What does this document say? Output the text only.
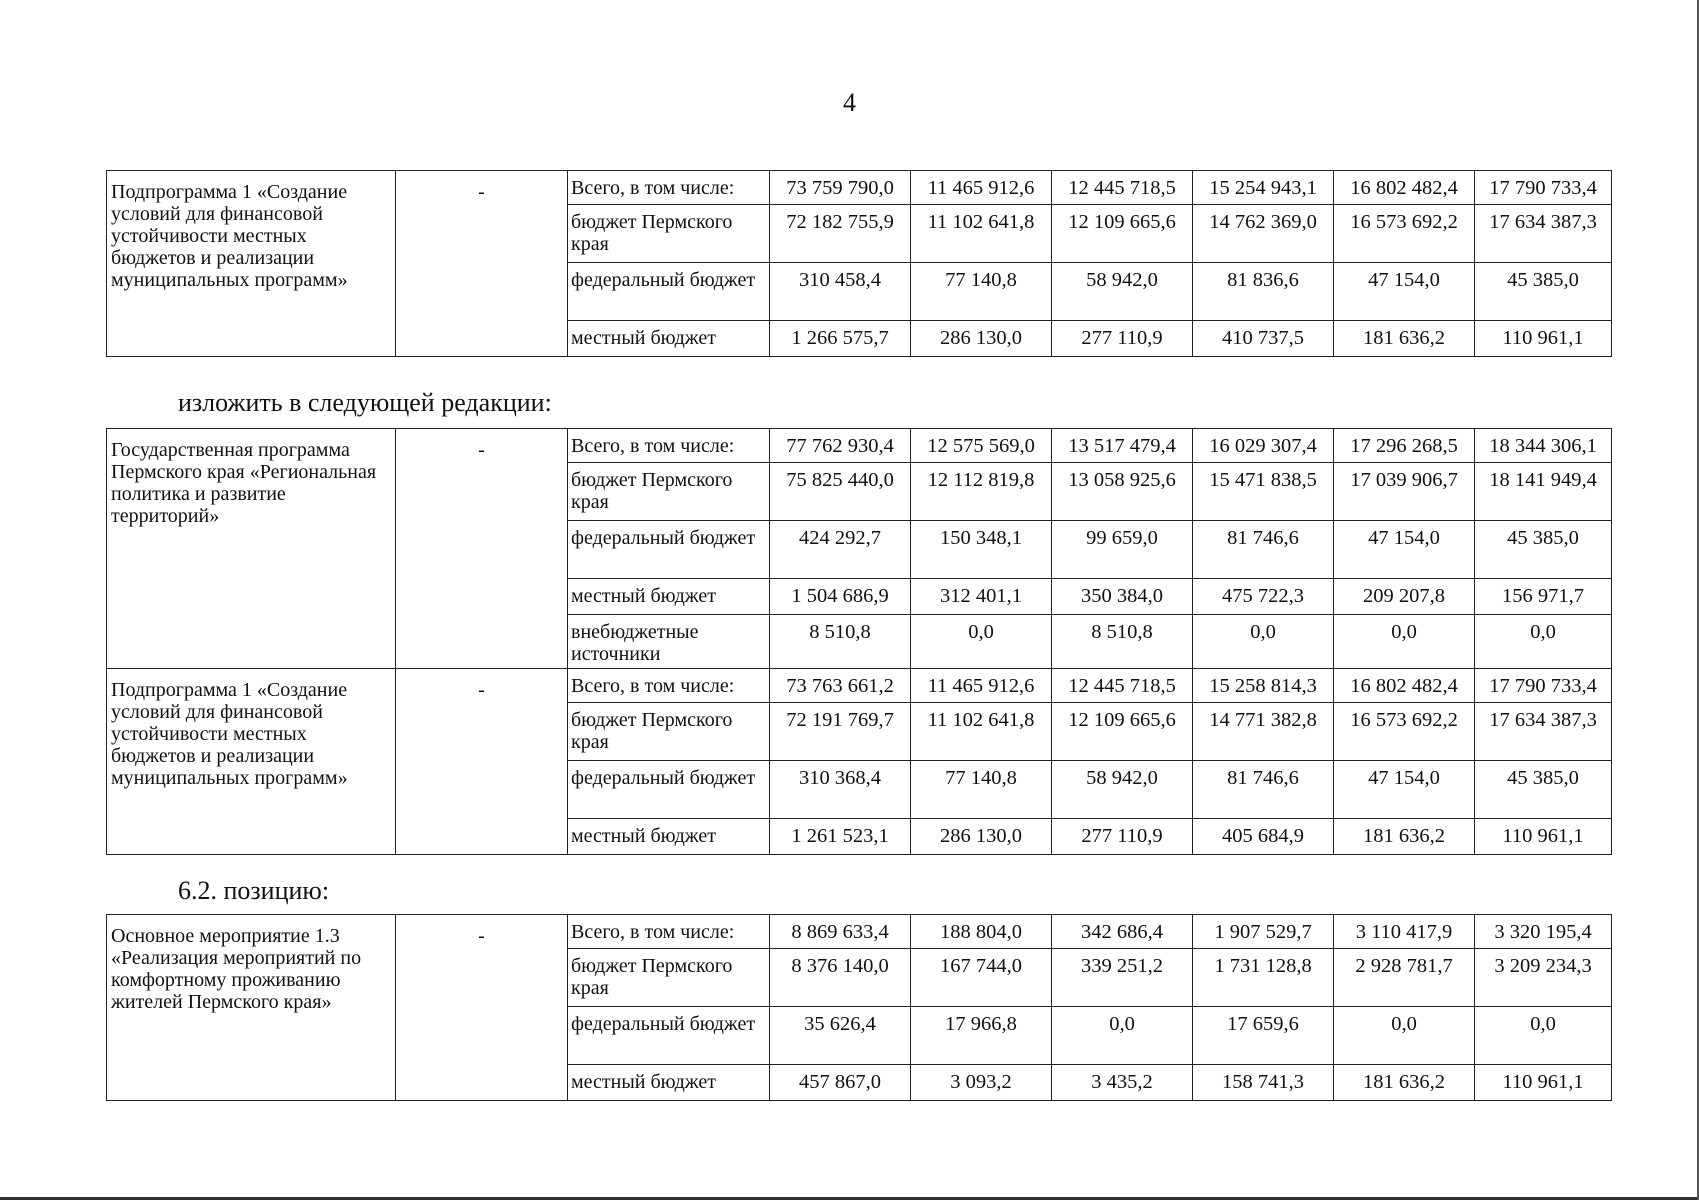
4
Подпрограмма 1 «Создание условий для финансовой устойчивости местных бюджетов и реализации муниципальных программ»	-	Всего, в том числе:	73 759 790,0	11 465 912,6	12 445 718,5	15 254 943,1	16 802 482,4	17 790 733,4
		бюджет Пермского края	72 182 755,9	11 102 641,8	12 109 665,6	14 762 369,0	16 573 692,2	17 634 387,3
		федеральный бюджет	310 458,4	77 140,8	58 942,0	81 836,6	47 154,0	45 385,0
		местный бюджет	1 266 575,7	286 130,0	277 110,9	410 737,5	181 636,2	110 961,1
изложить в следующей редакции:
Государственная программа Пермского края «Региональная политика и развитие территорий»	-	Всего, в том числе:	77 762 930,4	12 575 569,0	13 517 479,4	16 029 307,4	17 296 268,5	18 344 306,1
		бюджет Пермского края	75 825 440,0	12 112 819,8	13 058 925,6	15 471 838,5	17 039 906,7	18 141 949,4
		федеральный бюджет	424 292,7	150 348,1	99 659,0	81 746,6	47 154,0	45 385,0
		местный бюджет	1 504 686,9	312 401,1	350 384,0	475 722,3	209 207,8	156 971,7
		внебюджетные источники	8 510,8	0,0	8 510,8	0,0	0,0	0,0
Подпрограмма 1 «Создание условий для финансовой устойчивости местных бюджетов и реализации муниципальных программ»	-	Всего, в том числе:	73 763 661,2	11 465 912,6	12 445 718,5	15 258 814,3	16 802 482,4	17 790 733,4
		бюджет Пермского края	72 191 769,7	11 102 641,8	12 109 665,6	14 771 382,8	16 573 692,2	17 634 387,3
		федеральный бюджет	310 368,4	77 140,8	58 942,0	81 746,6	47 154,0	45 385,0
		местный бюджет	1 261 523,1	286 130,0	277 110,9	405 684,9	181 636,2	110 961,1
6.2. позицию:
Основное мероприятие 1.3 «Реализация мероприятий по комфортному проживанию жителей Пермского края»	-	Всего, в том числе:	8 869 633,4	188 804,0	342 686,4	1 907 529,7	3 110 417,9	3 320 195,4
		бюджет Пермского края	8 376 140,0	167 744,0	339 251,2	1 731 128,8	2 928 781,7	3 209 234,3
		федеральный бюджет	35 626,4	17 966,8	0,0	17 659,6	0,0	0,0
		местный бюджет	457 867,0	3 093,2	3 435,2	158 741,3	181 636,2	110 961,1
